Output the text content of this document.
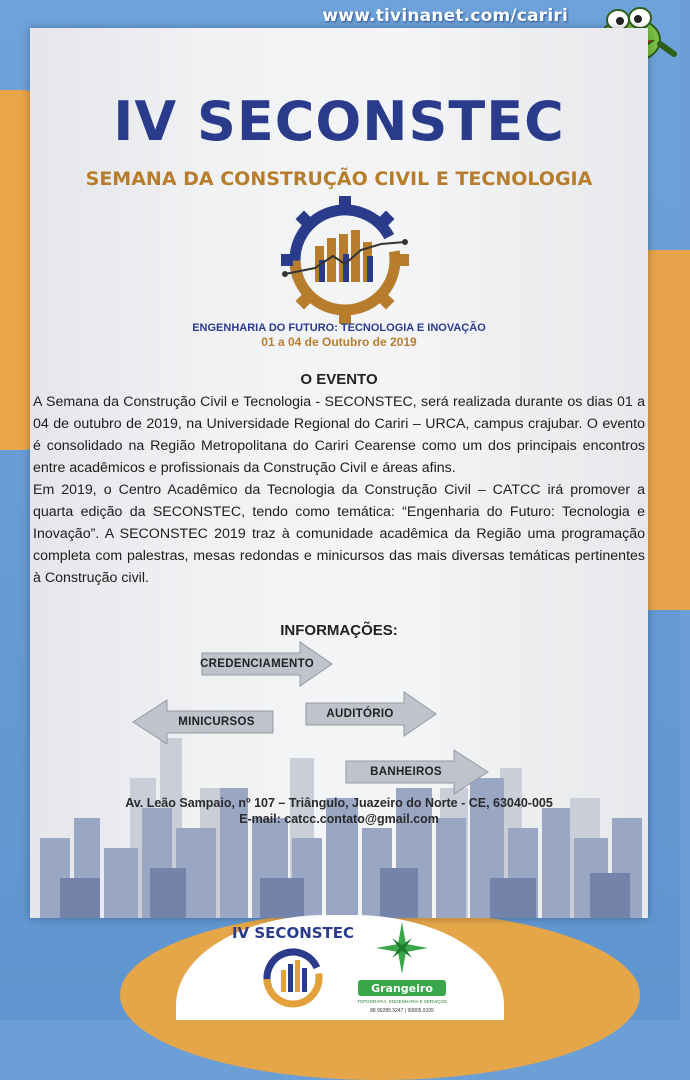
www.tivinanet.com/cariri
IV SECONSTEC
SEMANA DA CONSTRUÇÃO CIVIL E TECNOLOGIA
ENGENHARIA DO FUTURO: TECNOLOGIA E INOVAÇÃO
01 a 04 de Outubro de 2019
O EVENTO

A Semana da Construção Civil e Tecnologia - SECONSTEC, será realizada durante os dias 01 a 04 de outubro de 2019, na Universidade Regional do Cariri – URCA, campus crajubar. O evento é consolidado na Região Metropolitana do Cariri Cearense como um dos principais encontros entre acadêmicos e profissionais da Construção Civil e áreas afins.

Em 2019, o Centro Acadêmico da Tecnologia da Construção Civil – CATCC irá promover a quarta edição da SECONSTEC, tendo como temática: “Engenharia do Futuro: Tecnologia e Inovação”. A SECONSTEC 2019 traz à comunidade acadêmica da Região uma programação completa com palestras, mesas redondas e minicursos das mais diversas temáticas pertinentes à Construção civil.

INFORMAÇÕES:
CREDENCIAMENTO
MINICURSOS
AUDITÓRIO
BANHEIROS
Av. Leão Sampaio, nº 107 – Triângulo, Juazeiro do Norte - CE, 63040-005
E-mail: catcc.contato@gmail.com
IV SECONSTEC
Grangeiro
TOPOGRAFIA, ENGENHARIA E SERVIÇOS
88 99285.3247 | 99805.9105
